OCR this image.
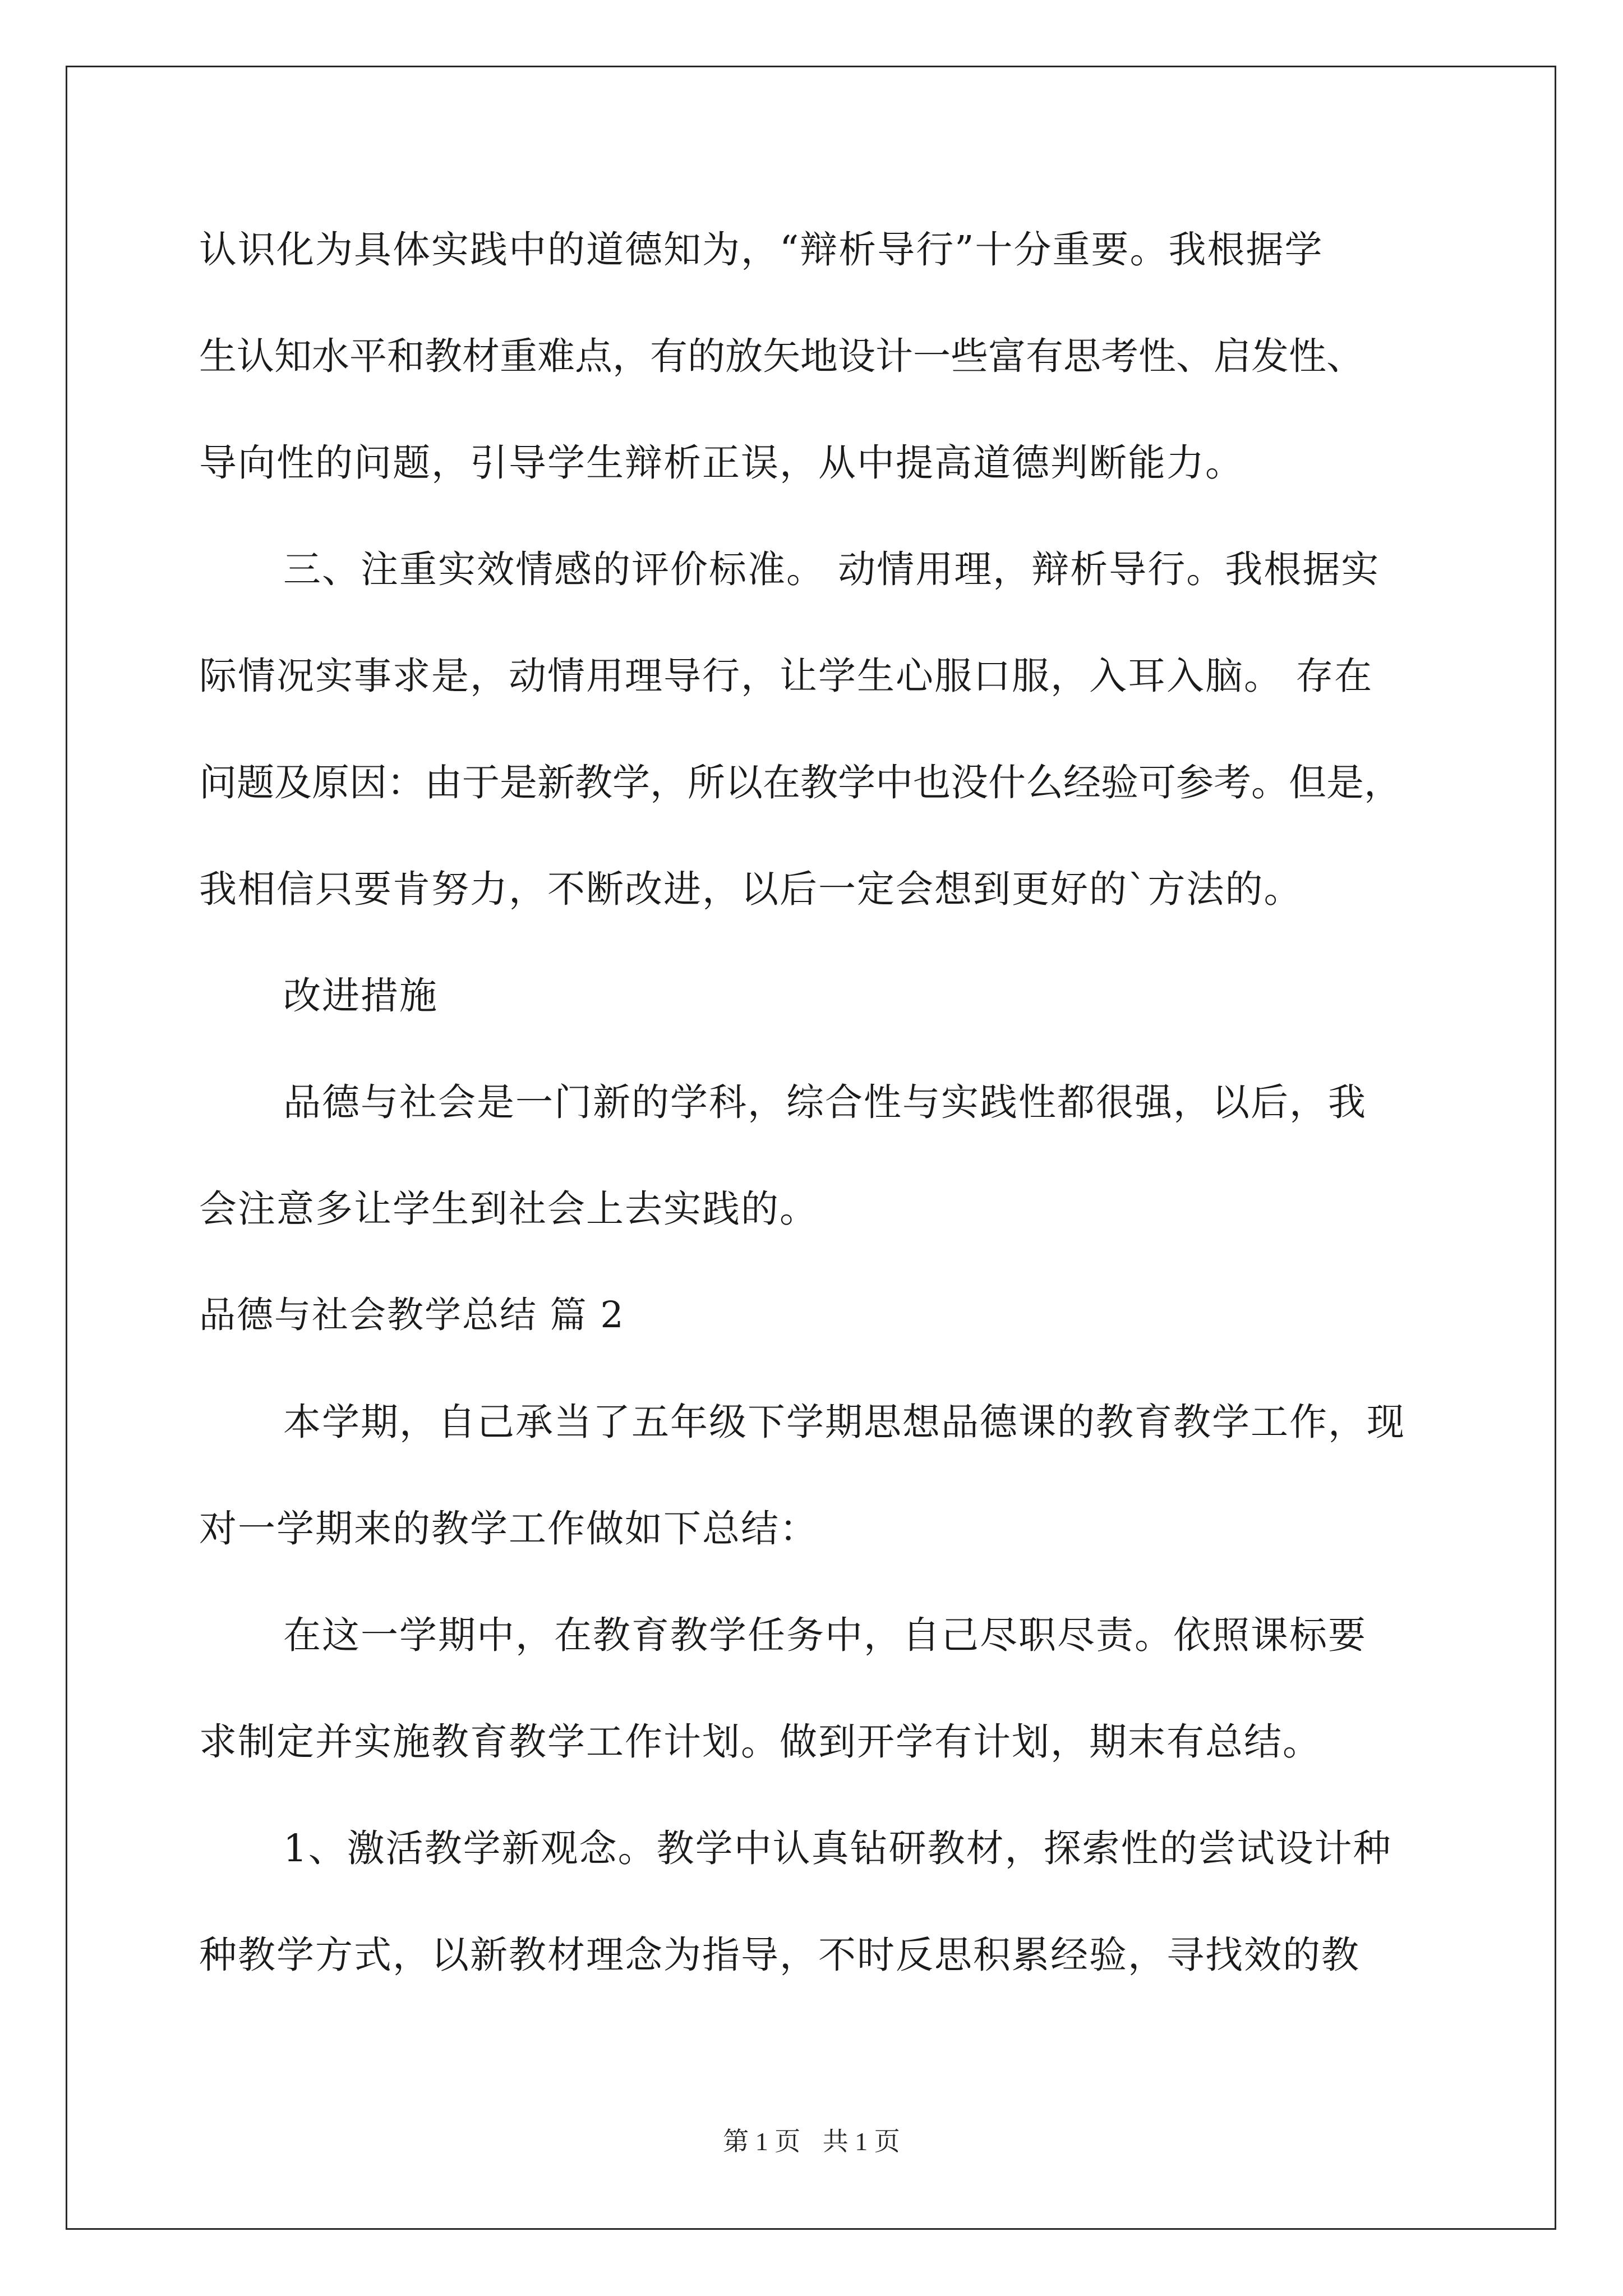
认识化为具体实践中的道德知为，“辩析导行”十分重要。我根据学
生认知水平和教材重难点，有的放矢地设计一些富有思考性、启发性、
导向性的问题，引导学生辩析正误，从中提高道德判断能力。
三、注重实效情感的评价标准。 动情用理，辩析导行。我根据实
际情况实事求是，动情用理导行，让学生心服口服，入耳入脑。 存在
问题及原因：由于是新教学，所以在教学中也没什么经验可参考。但是，
我相信只要肯努力，不断改进，以后一定会想到更好的`方法的。
改进措施
品德与社会是一门新的学科，综合性与实践性都很强，以后，我
会注意多让学生到社会上去实践的。
品德与社会教学总结 篇 2
本学期，自己承当了五年级下学期思想品德课的教育教学工作，现
对一学期来的教学工作做如下总结：
在这一学期中，在教育教学任务中，自己尽职尽责。依照课标要
求制定并实施教育教学工作计划。做到开学有计划，期末有总结。
1、激活教学新观念。教学中认真钻研教材，探索性的尝试设计种
种教学方式，以新教材理念为指导，不时反思积累经验，寻找效的教
第 1 页 共 1 页
